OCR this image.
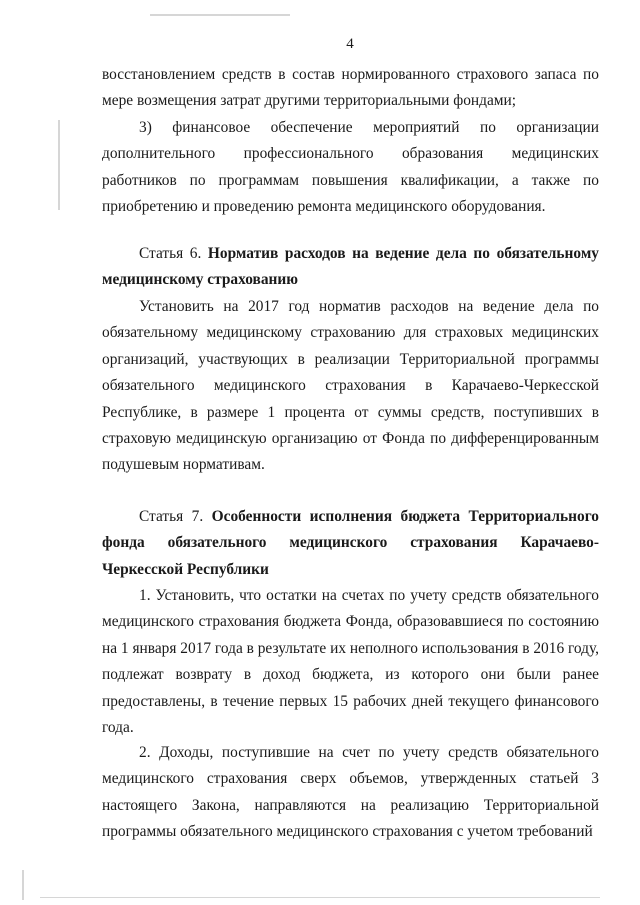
4

восстановлением средств в состав нормированного страхового запаса по мере возмещения затрат другими территориальными фондами;

3) финансовое обеспечение мероприятий по организации дополнительного профессионального образования медицинских работников по программам повышения квалификации, а также по приобретению и проведению ремонта медицинского оборудования.

Статья 6. Норматив расходов на ведение дела по обязательному медицинскому страхованию

Установить на 2017 год норматив расходов на ведение дела по обязательному медицинскому страхованию для страховых медицинских организаций, участвующих в реализации Территориальной программы обязательного медицинского страхования в Карачаево-Черкесской Республике, в размере 1 процента от суммы средств, поступивших в страховую медицинскую организацию от Фонда по дифференцированным подушевым нормативам.

Статья 7. Особенности исполнения бюджета Территориального фонда обязательного медицинского страхования Карачаево-Черкесской Республики

1. Установить, что остатки на счетах по учету средств обязательного медицинского страхования бюджета Фонда, образовавшиеся по состоянию на 1 января 2017 года в результате их неполного использования в 2016 году, подлежат возврату в доход бюджета, из которого они были ранее предоставлены, в течение первых 15 рабочих дней текущего финансового года.

2. Доходы, поступившие на счет по учету средств обязательного медицинского страхования сверх объемов, утвержденных статьей 3 настоящего Закона, направляются на реализацию Территориальной программы обязательного медицинского страхования с учетом требований
